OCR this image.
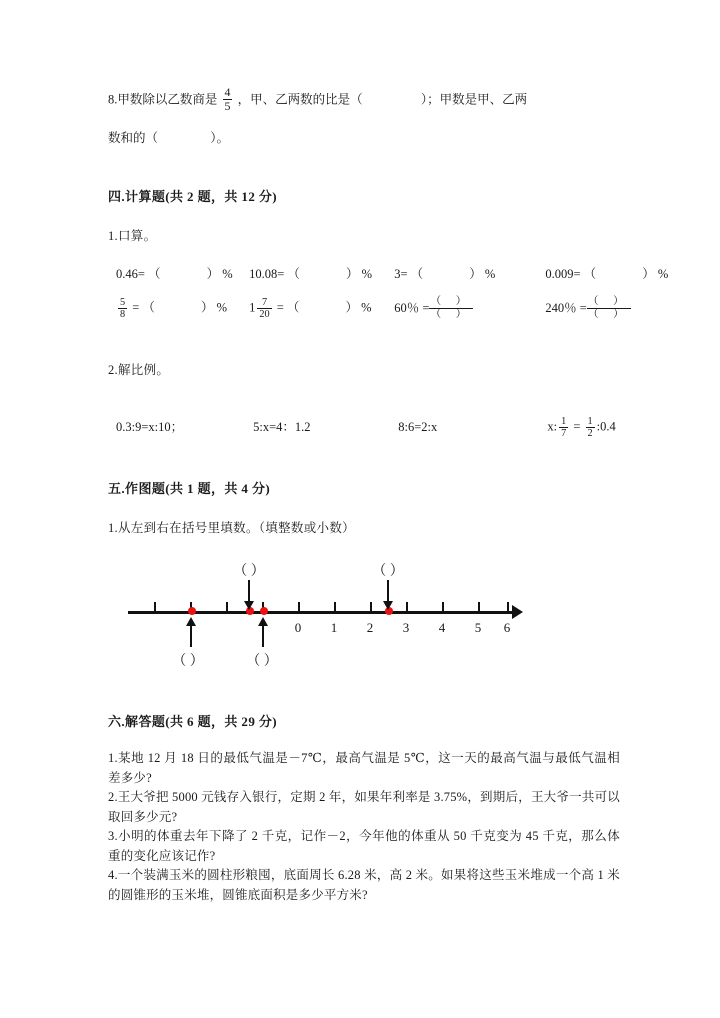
8.甲数除以乙数商是 $\frac{4}{5}$ ，甲、乙两数的比是（	）；甲数是甲、乙两
数和的（	）。
四.计算题(共 2 题，共 12 分)
1.口算。
0.46= （	） % 10.08= （	） % 3= （	） %	0.009= （	） %
$\frac{5}{8}$ = （	） % $1 \frac{7}{20}$ = （	） % 60％ = $\frac{( )}{( )}$	240％ = $\frac{( )}{( )}$
2.解比例。
0.3:9=x:10；	5:x=4：1.2	8:6=2:x	x: $\frac{1}{7} = \frac{1}{2}$ :0.4
五.作图题(共 1 题，共 4 分)
1.从左到右在括号里填数。（填整数或小数）
0	1	2	3	4	5	6
（ ）	（ ）
（ ）	（ ）
六.解答题(共 6 题，共 29 分)

1.某地 12 月 18 日的最低气温是－7℃，最高气温是 5℃，这一天的最高气温与最低气温相差多少?

2.王大爷把 5000 元钱存入银行，定期 2 年，如果年利率是 3.75%，到期后，王大爷一共可以取回多少元?

3.小明的体重去年下降了 2 千克，记作－2，今年他的体重从 50 千克变为 45 千克，那么体重的变化应该记作?

4.一个装满玉米的圆柱形粮囤，底面周长 6.28 米，高 2 米。如果将这些玉米堆成一个高 1 米的圆锥形的玉米堆，圆锥底面积是多少平方米?
